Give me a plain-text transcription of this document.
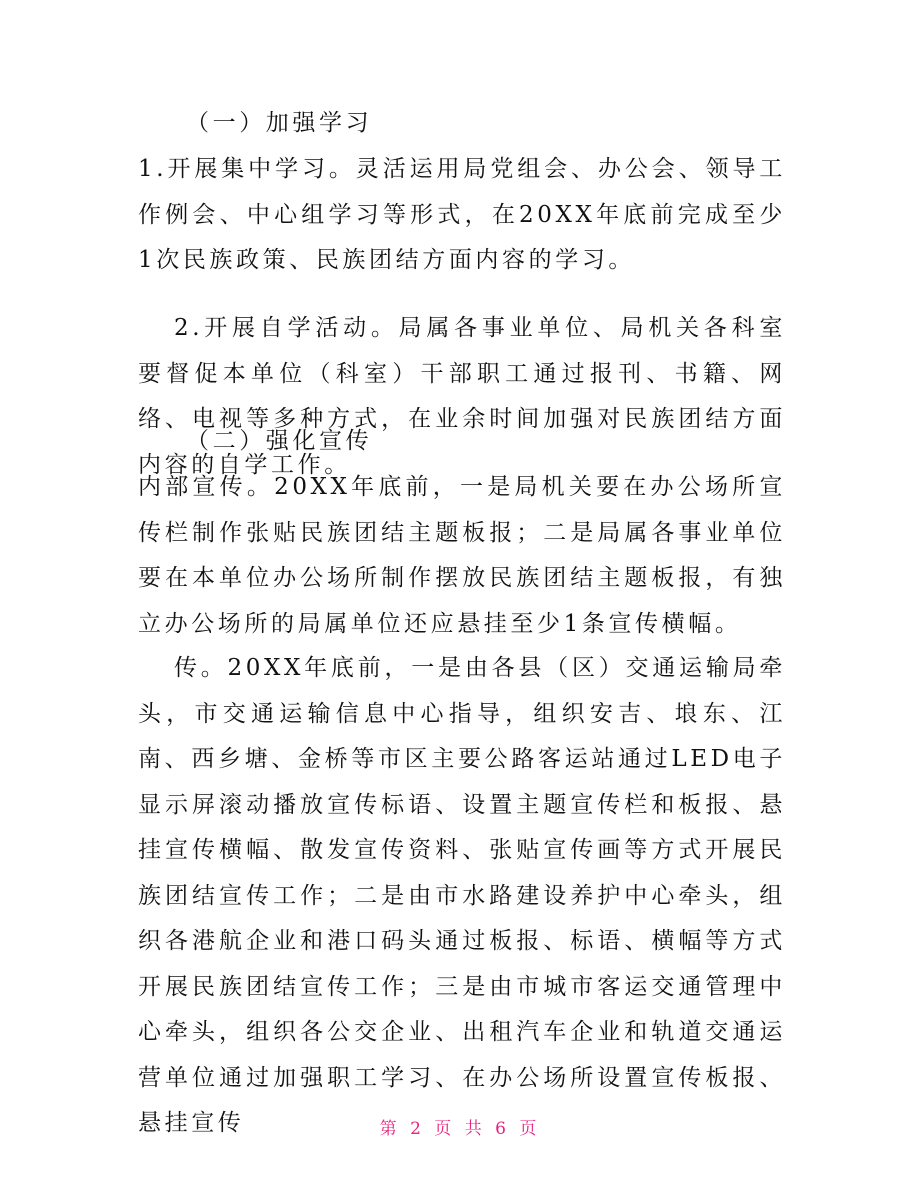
（一）加强学习
1.开展集中学习。灵活运用局党组会、办公会、领导工作例会、中心组学习等形式，在20XX年底前完成至少1次民族政策、民族团结方面内容的学习。
2.开展自学活动。局属各事业单位、局机关各科室要督促本单位（科室）干部职工通过报刊、书籍、网络、电视等多种方式，在业余时间加强对民族团结方面内容的自学工作。
（二）强化宣传
内部宣传。20XX年底前，一是局机关要在办公场所宣传栏制作张贴民族团结主题板报；二是局属各事业单位要在本单位办公场所制作摆放民族团结主题板报，有独立办公场所的局属单位还应悬挂至少1条宣传横幅。
传。20XX年底前，一是由各县（区）交通运输局牵头，市交通运输信息中心指导，组织安吉、埌东、江南、西乡塘、金桥等市区主要公路客运站通过LED电子显示屏滚动播放宣传标语、设置主题宣传栏和板报、悬挂宣传横幅、散发宣传资料、张贴宣传画等方式开展民族团结宣传工作；二是由市水路建设养护中心牵头，组织各港航企业和港口码头通过板报、标语、横幅等方式开展民族团结宣传工作；三是由市城市客运交通管理中心牵头，组织各公交企业、出租汽车企业和轨道交通运营单位通过加强职工学习、在办公场所设置宣传板报、悬挂宣传	第 2 页 共 6 页
